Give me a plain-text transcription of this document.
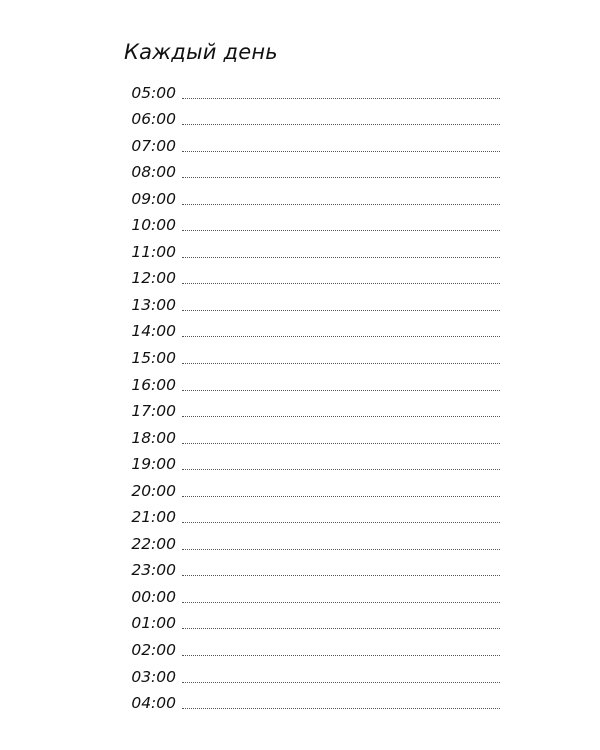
Каждый день
05:00
06:00
07:00
08:00
09:00
10:00
11:00
12:00
13:00
14:00
15:00
16:00
17:00
18:00
19:00
20:00
21:00
22:00
23:00
00:00
01:00
02:00
03:00
04:00
